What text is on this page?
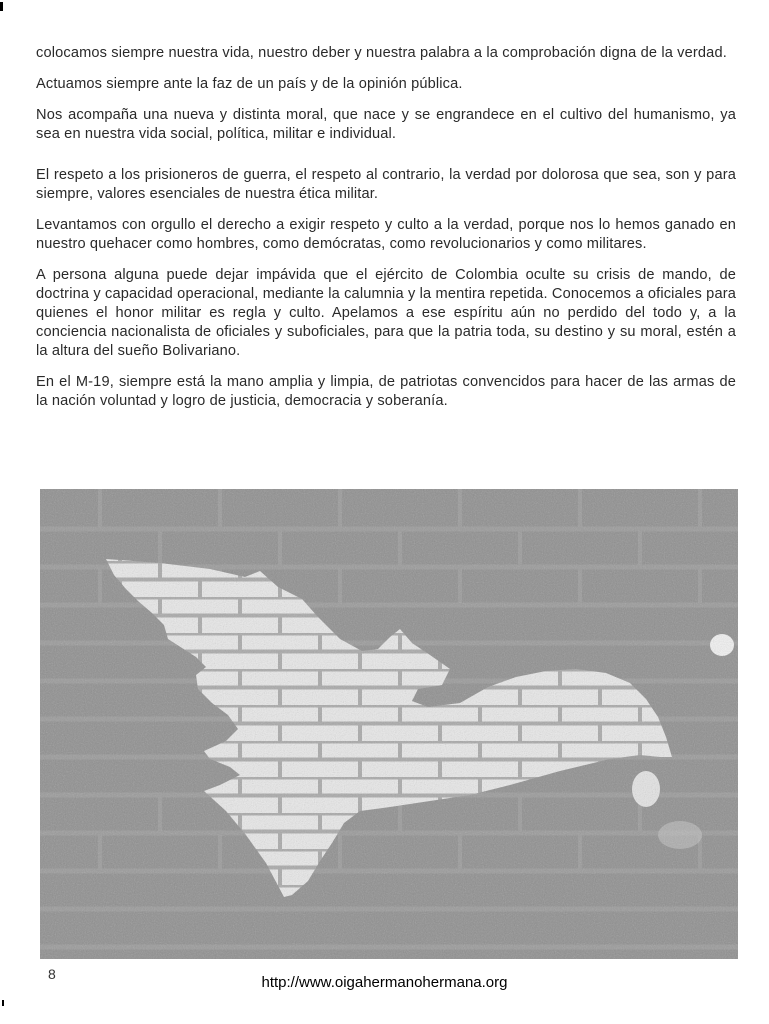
colocamos siempre nuestra vida, nuestro deber y nuestra palabra a la comprobación digna de la verdad.

Actuamos siempre ante la faz de un país y de la opinión pública.

Nos acompaña una nueva y distinta moral, que nace y se engrandece en el cultivo del humanismo, ya sea en nuestra vida social, política, militar e individual.

El respeto a los prisioneros de guerra, el respeto al contrario, la verdad por dolorosa que sea, son y para siempre, valores esenciales de nuestra ética militar.

Levantamos con orgullo el derecho a exigir respeto y culto a la verdad, porque nos lo hemos ganado en nuestro quehacer como hombres, como demócratas, como revolucionarios y como militares.

A persona alguna puede dejar impávida que el ejército de Colombia oculte su crisis de mando, de doctrina y capacidad operacional, mediante la calumnia y la mentira repetida. Conocemos a oficiales para quienes el honor militar es regla y culto. Apelamos a ese espíritu aún no perdido del todo y, a la conciencia nacionalista de oficiales y suboficiales, para que la patria toda, su destino y su moral, estén a la altura del sueño Bolivariano.

En el M-19, siempre está la mano amplia y limpia, de patriotas convencidos para hacer de las armas de la nación voluntad y logro de justicia, democracia y soberanía.

8	http://www.oigahermanohermana.org
